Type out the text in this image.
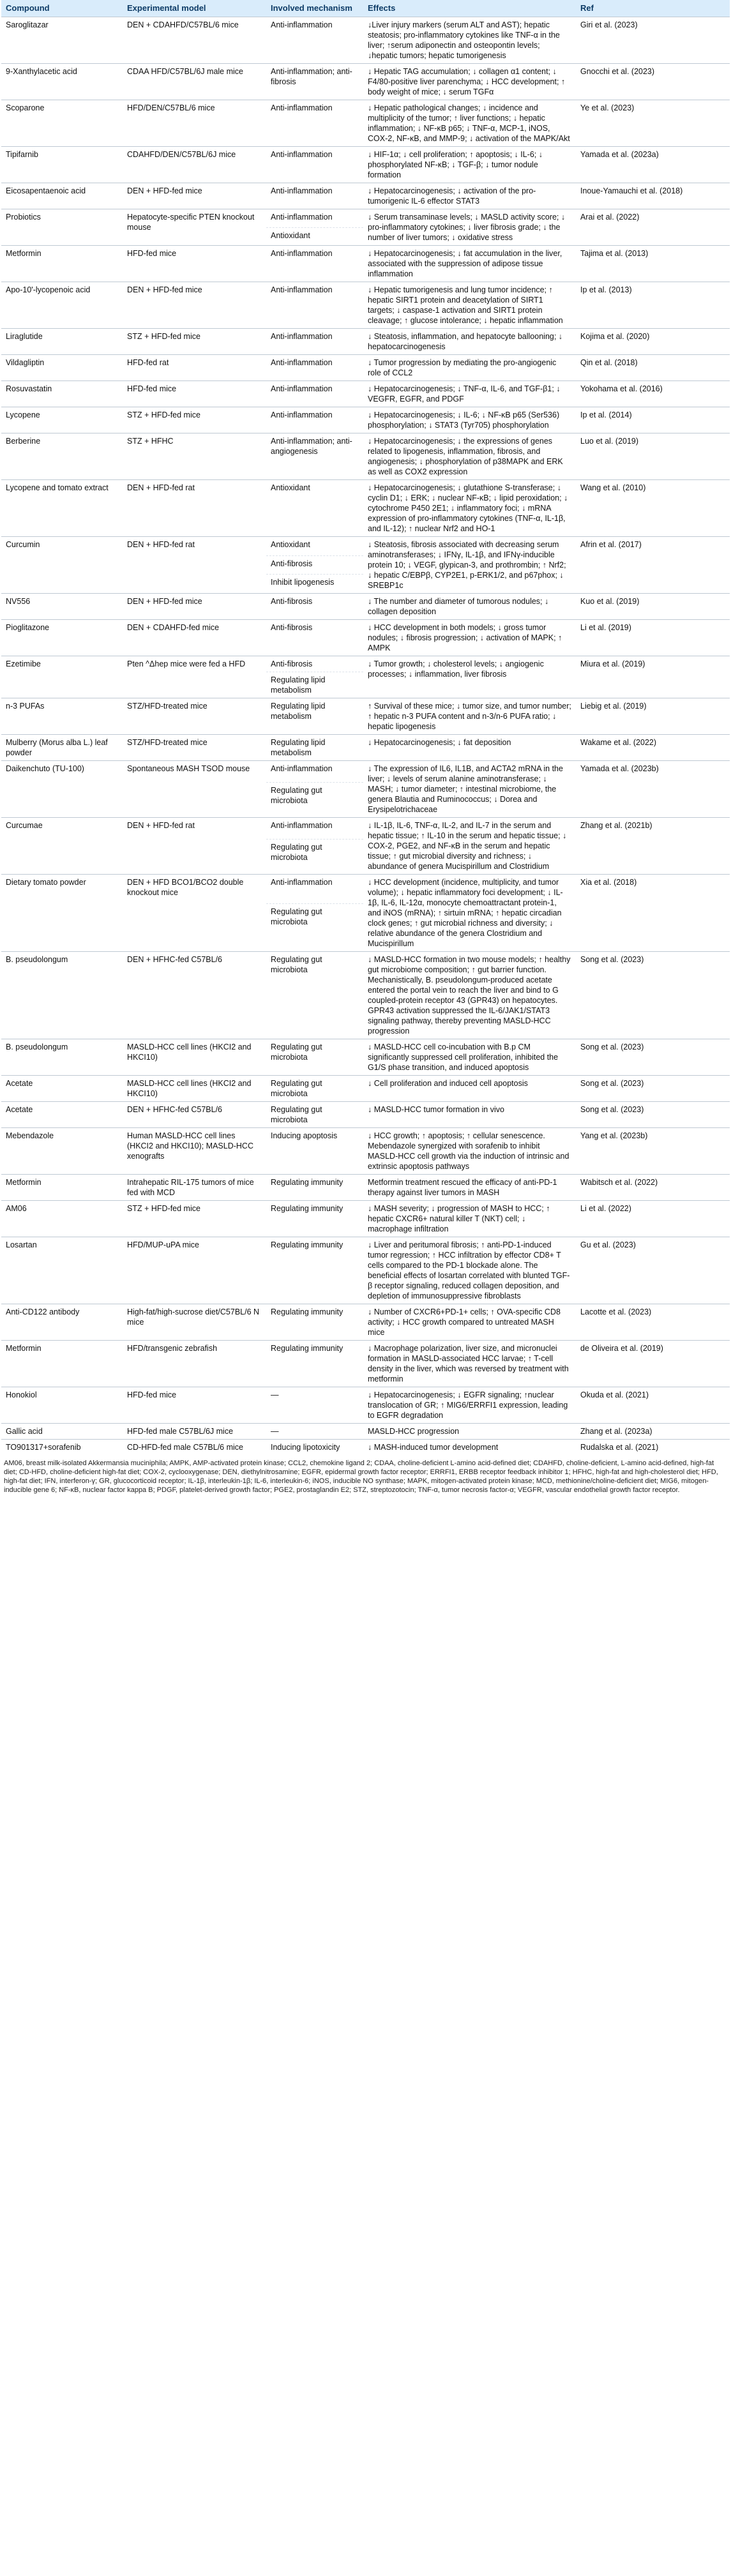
Compound	Experimental model	Involved mechanism	Effects	Ref
Saroglitazar	DEN + CDAHFD/C57BL/6 mice	Anti-inflammation	↓Liver injury markers (serum ALT and AST); hepatic steatosis; pro-inflammatory cytokines like TNF-α in the liver; ↑serum adiponectin and osteopontin levels; ↓hepatic tumors; hepatic tumorigenesis	Giri et al. (2023)
9-Xanthylacetic acid	CDAA HFD/C57BL/6J male mice	Anti-inflammation; anti-fibrosis	↓ Hepatic TAG accumulation; ↓ collagen α1 content; ↓ F4/80-positive liver parenchyma; ↓ HCC development; ↑ body weight of mice; ↓ serum TGFα	Gnocchi et al. (2023)
Scoparone	HFD/DEN/C57BL/6 mice	Anti-inflammation	↓ Hepatic pathological changes; ↓ incidence and multiplicity of the tumor; ↑ liver functions; ↓ hepatic inflammation; ↓ NF-κB p65; ↓ TNF-α, MCP-1, iNOS, COX-2, NF-κB, and MMP-9; ↓ activation of the MAPK/Akt	Ye et al. (2023)
Tipifarnib	CDAHFD/DEN/C57BL/6J mice	Anti-inflammation	↓ HIF-1α; ↓ cell proliferation; ↑ apoptosis; ↓ IL-6; ↓ phosphorylated NF-κB; ↓ TGF-β; ↓ tumor nodule formation	Yamada et al. (2023a)
Eicosapentaenoic acid	DEN + HFD-fed mice	Anti-inflammation	↓ Hepatocarcinogenesis; ↓ activation of the pro-tumorigenic IL-6 effector STAT3	Inoue-Yamauchi et al. (2018)
Probiotics	Hepatocyte-specific PTEN knockout mouse	Anti-inflammation	↓ Serum transaminase levels; ↓ MASLD activity score; ↓ pro-inflammatory cytokines; ↓ liver fibrosis grade; ↓ the number of liver tumors; ↓ oxidative stress	Arai et al. (2022)
		Antioxidant		
Metformin	HFD-fed mice	Anti-inflammation	↓ Hepatocarcinogenesis; ↓ fat accumulation in the liver, associated with the suppression of adipose tissue inflammation	Tajima et al. (2013)
Apo-10'-lycopenoic acid	DEN + HFD-fed mice	Anti-inflammation	↓ Hepatic tumorigenesis and lung tumor incidence; ↑ hepatic SIRT1 protein and deacetylation of SIRT1 targets; ↓ caspase-1 activation and SIRT1 protein cleavage; ↑ glucose intolerance; ↓ hepatic inflammation	Ip et al. (2013)
Liraglutide	STZ + HFD-fed mice	Anti-inflammation	↓ Steatosis, inflammation, and hepatocyte ballooning; ↓ hepatocarcinogenesis	Kojima et al. (2020)
Vildagliptin	HFD-fed rat	Anti-inflammation	↓ Tumor progression by mediating the pro-angiogenic role of CCL2	Qin et al. (2018)
Rosuvastatin	HFD-fed mice	Anti-inflammation	↓ Hepatocarcinogenesis; ↓ TNF-α, IL-6, and TGF-β1; ↓ VEGFR, EGFR, and PDGF	Yokohama et al. (2016)
Lycopene	STZ + HFD-fed mice	Anti-inflammation	↓ Hepatocarcinogenesis; ↓ IL-6; ↓ NF-κB p65 (Ser536) phosphorylation; ↓ STAT3 (Tyr705) phosphorylation	Ip et al. (2014)
Berberine	STZ + HFHC	Anti-inflammation; anti-angiogenesis	↓ Hepatocarcinogenesis; ↓ the expressions of genes related to lipogenesis, inflammation, fibrosis, and angiogenesis; ↓ phosphorylation of p38MAPK and ERK as well as COX2 expression	Luo et al. (2019)
Lycopene and tomato extract	DEN + HFD-fed rat	Antioxidant	↓ Hepatocarcinogenesis; ↓ glutathione S-transferase; ↓ cyclin D1; ↓ ERK; ↓ nuclear NF-κB; ↓ lipid peroxidation; ↓ cytochrome P450 2E1; ↓ inflammatory foci; ↓ mRNA expression of pro-inflammatory cytokines (TNF-α, IL-1β, and IL-12); ↑ nuclear Nrf2 and HO-1	Wang et al. (2010)
Curcumin	DEN + HFD-fed rat	Antioxidant	↓ Steatosis, fibrosis associated with decreasing serum aminotransferases; ↓ IFNγ, IL-1β, and IFNγ-inducible protein 10; ↓ VEGF, glypican-3, and prothrombin; ↑ Nrf2; ↓ hepatic C/EBPβ, CYP2E1, p-ERK1/2, and p67phox; ↓ SREBP1c	Afrin et al. (2017)
		Anti-fibrosis		
		Inhibit lipogenesis		
NV556	DEN + HFD-fed mice	Anti-fibrosis	↓ The number and diameter of tumorous nodules; ↓ collagen deposition	Kuo et al. (2019)
Pioglitazone	DEN + CDAHFD-fed mice	Anti-fibrosis	↓ HCC development in both models; ↓ gross tumor nodules; ↓ fibrosis progression; ↓ activation of MAPK; ↑ AMPK	Li et al. (2019)
Ezetimibe	Pten ^Δhep mice were fed a HFD	Anti-fibrosis	↓ Tumor growth; ↓ cholesterol levels; ↓ angiogenic processes; ↓ inflammation, liver fibrosis	Miura et al. (2019)
		Regulating lipid metabolism		
n-3 PUFAs	STZ/HFD-treated mice	Regulating lipid metabolism	↑ Survival of these mice; ↓ tumor size, and tumor number; ↑ hepatic n-3 PUFA content and n-3/n-6 PUFA ratio; ↓ hepatic lipogenesis	Liebig et al. (2019)
Mulberry (Morus alba L.) leaf powder	STZ/HFD-treated mice	Regulating lipid metabolism	↓ Hepatocarcinogenesis; ↓ fat deposition	Wakame et al. (2022)
Daikenchuto (TU-100)	Spontaneous MASH TSOD mouse	Anti-inflammation	↓ The expression of IL6, IL1B, and ACTA2 mRNA in the liver; ↓ levels of serum alanine aminotransferase; ↓ MASH; ↓ tumor diameter; ↑ intestinal microbiome, the genera Blautia and Ruminococcus; ↓ Dorea and Erysipelotrichaceae	Yamada et al. (2023b)
		Regulating gut microbiota		
Curcumae	DEN + HFD-fed rat	Anti-inflammation	↓ IL-1β, IL-6, TNF-α, IL-2, and IL-7 in the serum and hepatic tissue; ↑ IL-10 in the serum and hepatic tissue; ↓ COX-2, PGE2, and NF-κB in the serum and hepatic tissue; ↑ gut microbial diversity and richness; ↓ abundance of genera Mucispirillum and Clostridium	Zhang et al. (2021b)
		Regulating gut microbiota		
Dietary tomato powder	DEN + HFD BCO1/BCO2 double knockout mice	Anti-inflammation	↓ HCC development (incidence, multiplicity, and tumor volume); ↓ hepatic inflammatory foci development; ↓ IL-1β, IL-6, IL-12α, monocyte chemoattractant protein-1, and iNOS (mRNA); ↑ sirtuin mRNA; ↑ hepatic circadian clock genes; ↑ gut microbial richness and diversity; ↓ relative abundance of the genera Clostridium and Mucispirillum	Xia et al. (2018)
		Regulating gut microbiota		
B. pseudolongum	DEN + HFHC-fed C57BL/6	Regulating gut microbiota	↓ MASLD-HCC formation in two mouse models; ↑ healthy gut microbiome composition; ↑ gut barrier function. Mechanistically, B. pseudolongum-produced acetate entered the portal vein to reach the liver and bind to G coupled-protein receptor 43 (GPR43) on hepatocytes. GPR43 activation suppressed the IL-6/JAK1/STAT3 signaling pathway, thereby preventing MASLD-HCC progression	Song et al. (2023)
B. pseudolongum	MASLD-HCC cell lines (HKCI2 and HKCI10)	Regulating gut microbiota	↓ MASLD-HCC cell co-incubation with B.p CM significantly suppressed cell proliferation, inhibited the G1/S phase transition, and induced apoptosis	Song et al. (2023)
Acetate	MASLD-HCC cell lines (HKCI2 and HKCI10)	Regulating gut microbiota	↓ Cell proliferation and induced cell apoptosis	Song et al. (2023)
Acetate	DEN + HFHC-fed C57BL/6	Regulating gut microbiota	↓ MASLD-HCC tumor formation in vivo	Song et al. (2023)
Mebendazole	Human MASLD-HCC cell lines (HKCI2 and HKCI10); MASLD-HCC xenografts	Inducing apoptosis	↓ HCC growth; ↑ apoptosis; ↑ cellular senescence. Mebendazole synergized with sorafenib to inhibit MASLD-HCC cell growth via the induction of intrinsic and extrinsic apoptosis pathways	Yang et al. (2023b)
Metformin	Intrahepatic RIL-175 tumors of mice fed with MCD	Regulating immunity	Metformin treatment rescued the efficacy of anti-PD-1 therapy against liver tumors in MASH	Wabitsch et al. (2022)
AM06	STZ + HFD-fed mice	Regulating immunity	↓ MASH severity; ↓ progression of MASH to HCC; ↑ hepatic CXCR6+ natural killer T (NKT) cell; ↓ macrophage infiltration	Li et al. (2022)
Losartan	HFD/MUP-uPA mice	Regulating immunity	↓ Liver and peritumoral fibrosis; ↑ anti-PD-1-induced tumor regression; ↑ HCC infiltration by effector CD8+ T cells compared to the PD-1 blockade alone. The beneficial effects of losartan correlated with blunted TGF-β receptor signaling, reduced collagen deposition, and depletion of immunosuppressive fibroblasts	Gu et al. (2023)
Anti-CD122 antibody	High-fat/high-sucrose diet/C57BL/6 N mice	Regulating immunity	↓ Number of CXCR6+PD-1+ cells; ↑ OVA-specific CD8 activity; ↓ HCC growth compared to untreated MASH mice	Lacotte et al. (2023)
Metformin	HFD/transgenic zebrafish	Regulating immunity	↓ Macrophage polarization, liver size, and micronuclei formation in MASLD-associated HCC larvae; ↑ T-cell density in the liver, which was reversed by treatment with metformin	de Oliveira et al. (2019)
Honokiol	HFD-fed mice	—	↓ Hepatocarcinogenesis; ↓ EGFR signaling; ↑nuclear translocation of GR; ↑ MIG6/ERRFI1 expression, leading to EGFR degradation	Okuda et al. (2021)
Gallic acid	HFD-fed male C57BL/6J mice	—	MASLD-HCC progression	Zhang et al. (2023a)
TO901317+sorafenib	CD-HFD-fed male C57BL/6 mice	Inducing lipotoxicity	↓ MASH-induced tumor development	Rudalska et al. (2021)
AM06, breast milk-isolated Akkermansia muciniphila; AMPK, AMP-activated protein kinase; CCL2, chemokine ligand 2; CDAA, choline-deficient L-amino acid-defined diet; CDAHFD, choline-deficient, L-amino acid-defined, high-fat diet; CD-HFD, choline-deficient high-fat diet; COX-2, cyclooxygenase; DEN, diethylnitrosamine; EGFR, epidermal growth factor receptor; ERRFI1, ERBB receptor feedback inhibitor 1; HFHC, high-fat and high-cholesterol diet; HFD, high-fat diet; IFN, interferon-γ; GR, glucocorticoid receptor; IL-1β, interleukin-1β; IL-6, interleukin-6; iNOS, inducible NO synthase; MAPK, mitogen-activated protein kinase; MCD, methionine/choline-deficient diet; MIG6, mitogen-inducible gene 6; NF-κB, nuclear factor kappa B; PDGF, platelet-derived growth factor; PGE2, prostaglandin E2; STZ, streptozotocin; TNF-α, tumor necrosis factor-α; VEGFR, vascular endothelial growth factor receptor.
